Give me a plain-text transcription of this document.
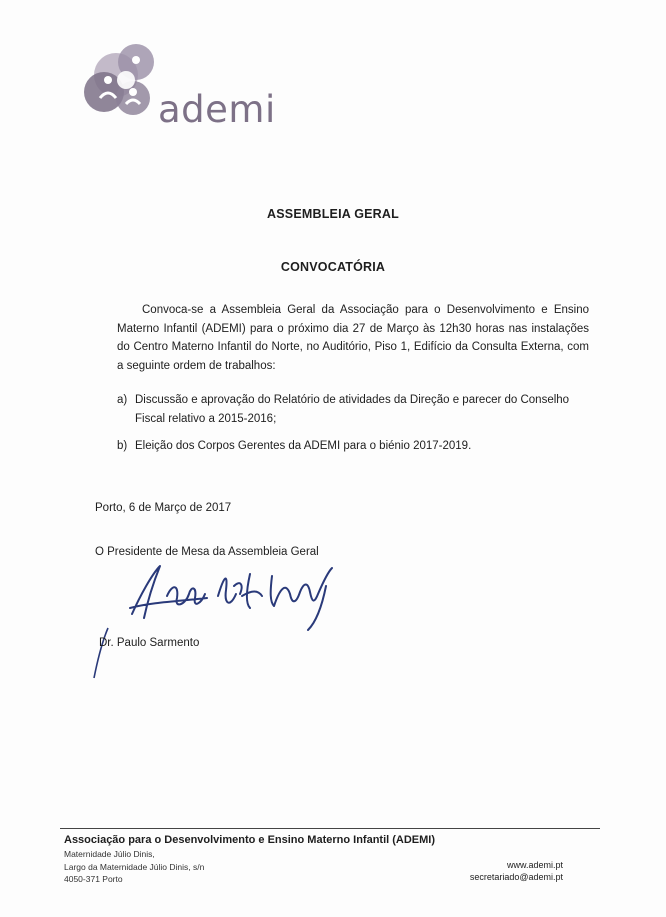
ademi
ASSEMBLEIA GERAL
CONVOCATÓRIA

Convoca-se a Assembleia Geral da Associação para o Desenvolvimento e Ensino Materno Infantil (ADEMI) para o próximo dia 27 de Março às 12h30 horas nas instalações do Centro Materno Infantil do Norte, no Auditório, Piso 1, Edifício da Consulta Externa, com a seguinte ordem de trabalhos:

a) Discussão e aprovação do Relatório de atividades da Direção e parecer do Conselho Fiscal relativo a 2015-2016;
b) Eleição dos Corpos Gerentes da ADEMI para o biénio 2017-2019.
Porto, 6 de Março de 2017
O Presidente de Mesa da Assembleia Geral
Dr. Paulo Sarmento
Associação para o Desenvolvimento e Ensino Materno Infantil (ADEMI)
Maternidade Júlio Dinis,
Largo da Maternidade Júlio Dinis, s/n
4050-371 Porto
www.ademi.pt
secretariado@ademi.pt
